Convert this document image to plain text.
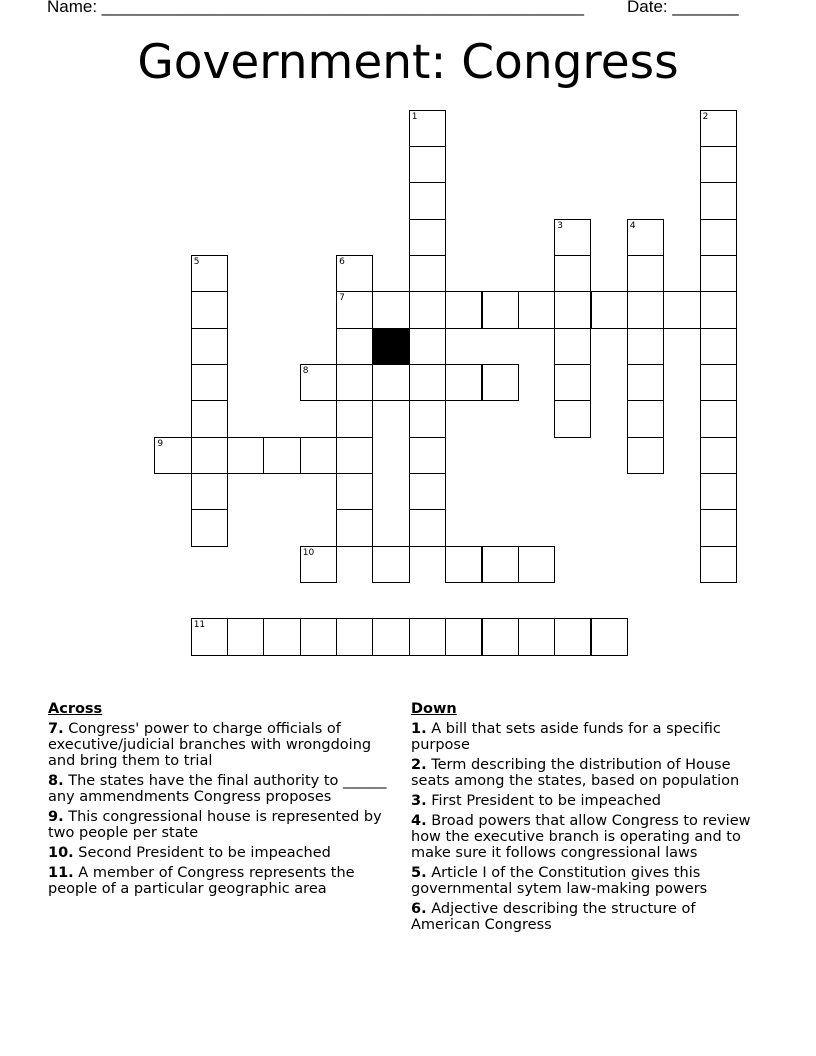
Name: ___________________________________________________	Date: _______
Government: Congress
1	2
3	4
5	6
7
8
9
10
11
Across
7. Congress' power to charge officials of executive/judicial branches with wrongdoing and bring them to trial
8. The states have the final authority to ______ any ammendments Congress proposes
9. This congressional house is represented by two people per state
10. Second President to be impeached
11. A member of Congress represents the people of a particular geographic area
Down
1. A bill that sets aside funds for a specific purpose
2. Term describing the distribution of House seats among the states, based on population
3. First President to be impeached
4. Broad powers that allow Congress to review how the executive branch is operating and to make sure it follows congressional laws
5. Article I of the Constitution gives this governmental sytem law-making powers
6. Adjective describing the structure of American Congress
